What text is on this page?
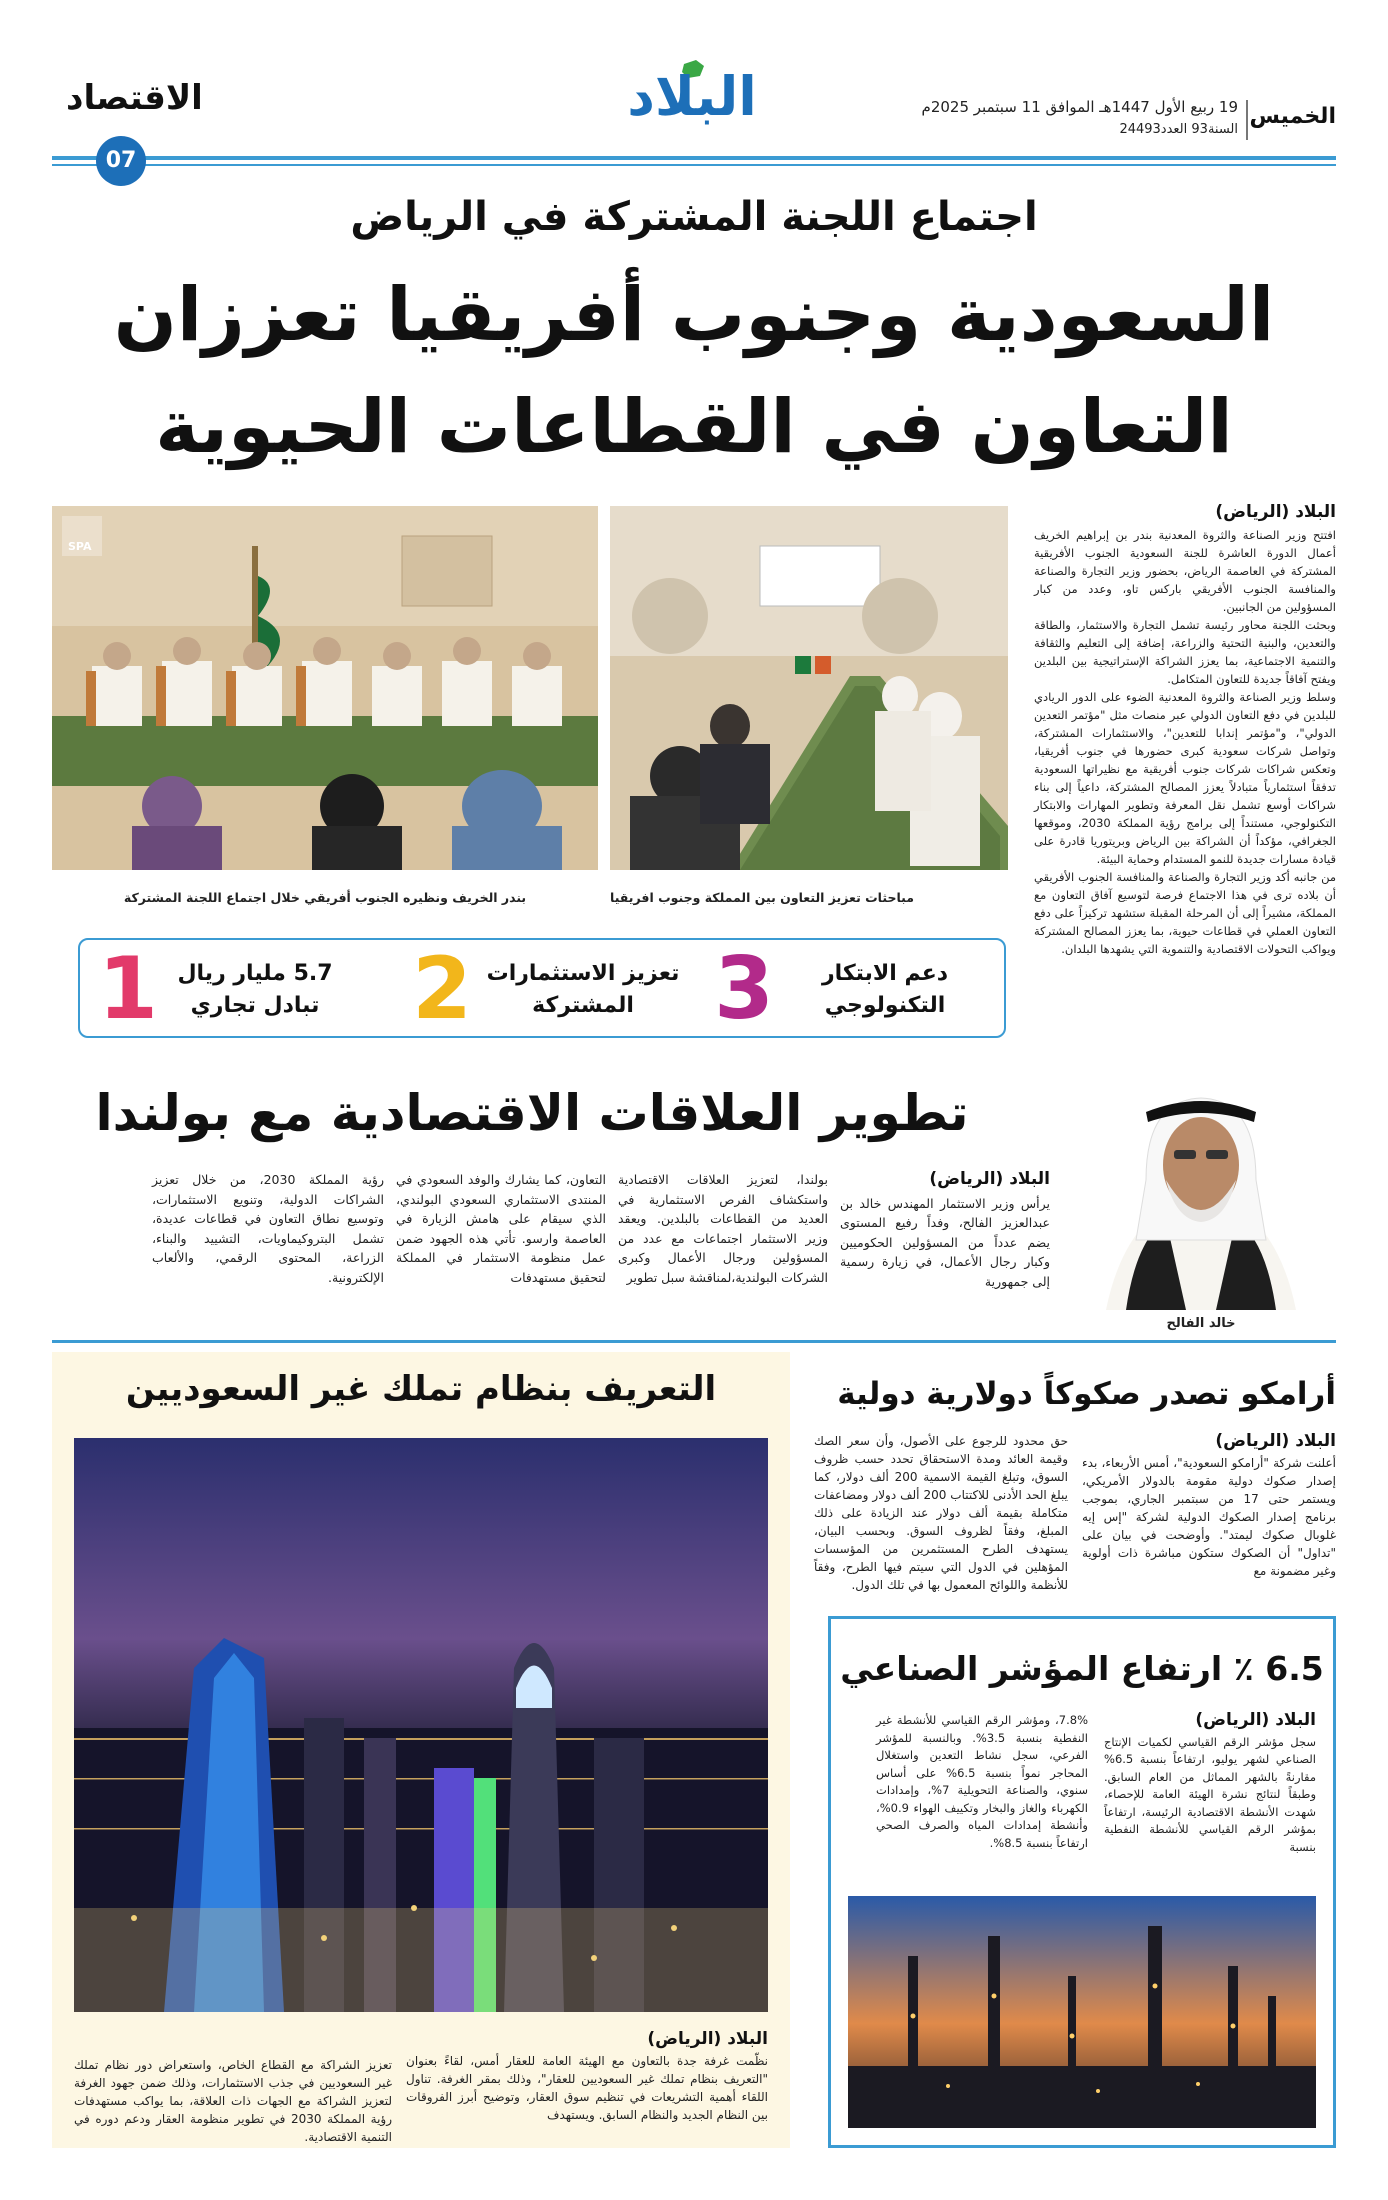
الخميس
19 ربيع الأول 1447هـ الموافق 11 سبتمبر 2025م
السنة93 العدد24493
البلاد
الاقتصاد
07
اجتماع اللجنة المشتركة في الرياض
السعودية وجنوب أفريقيا تعززان
التعاون في القطاعات الحيوية
البلاد (الرياض)
افتتح وزير الصناعة والثروة المعدنية بندر بن إبراهيم الخريف أعمال الدورة العاشرة للجنة السعودية الجنوب الأفريقية المشتركة في العاصمة الرياض، بحضور وزير التجارة والصناعة والمنافسة الجنوب الأفريقي باركس تاو، وعدد من كبار المسؤولين من الجانبين.
وبحثت اللجنة محاور رئيسة تشمل التجارة والاستثمار، والطاقة والتعدين، والبنية التحتية والزراعة، إضافة إلى التعليم والثقافة والتنمية الاجتماعية، بما يعزز الشراكة الإستراتيجية بين البلدين ويفتح آفاقاً جديدة للتعاون المتكامل.
وسلط وزير الصناعة والثروة المعدنية الضوء على الدور الريادي للبلدين في دفع التعاون الدولي عبر منصات مثل "مؤتمر التعدين الدولي"، و"مؤتمر إندابا للتعدين"، والاستثمارات المشتركة، وتواصل شركات سعودية كبرى حضورها في جنوب أفريقيا، وتعكس شراكات شركات جنوب أفريقية مع نظيراتها السعودية تدفقاً استثمارياً متبادلاً يعزز المصالح المشتركة، داعياً إلى بناء شراكات أوسع تشمل نقل المعرفة وتطوير المهارات والابتكار التكنولوجي، مستنداً إلى برامج رؤية المملكة 2030، وموقعها الجغرافي، مؤكداً أن الشراكة بين الرياض وبريتوريا قادرة على قيادة مسارات جديدة للنمو المستدام وحماية البيئة.
من جانبه أكد وزير التجارة والصناعة والمنافسة الجنوب الأفريقي أن بلاده ترى في هذا الاجتماع فرصة لتوسيع آفاق التعاون مع المملكة، مشيراً إلى أن المرحلة المقبلة ستشهد تركيزاً على دفع التعاون العملي في قطاعات حيوية، بما يعزز المصالح المشتركة ويواكب التحولات الاقتصادية والتنموية التي يشهدها البلدان.
مباحثات تعزيز التعاون بين المملكة وجنوب افريقيا
SPA
بندر الخريف ونظيره الجنوب أفريقي خلال اجتماع اللجنة المشتركة
3	دعم الابتكار
التكنولوجي
2 تعزيز الاستثمارات
المشتركة
1 5.7 مليار ريال
تبادل تجاري
تطوير العلاقات الاقتصادية مع بولندا
خالد الفالح
البلاد (الرياض)
يرأس وزير الاستثمار المهندس خالد بن عبدالعزيز الفالح، وفداً رفيع المستوى يضم عدداً من المسؤولين الحكوميين وكبار رجال الأعمال، في زيارة رسمية إلى جمهورية
بولندا، لتعزيز العلاقات الاقتصادية واستكشاف الفرص الاستثمارية في العديد من القطاعات بالبلدين. ويعقد وزير الاستثمار اجتماعات مع عدد من المسؤولين ورجال الأعمال وكبرى الشركات البولندية،لمناقشة سبل تطوير
التعاون، كما يشارك والوفد السعودي في المنتدى الاستثماري السعودي البولندي، الذي سيقام على هامش الزيارة في العاصمة وارسو. تأتي هذه الجهود ضمن عمل منظومة الاستثمار في المملكة لتحقيق مستهدفات
رؤية المملكة 2030، من خلال تعزيز الشراكات الدولية، وتنويع الاستثمارات، وتوسيع نطاق التعاون في قطاعات عديدة، تشمل البتروكيماويات، التشييد والبناء، الزراعة، المحتوى الرقمي، والألعاب الإلكترونية.
التعريف بنظام تملك غير السعوديين
البلاد (الرياض)
نظّمت غرفة جدة بالتعاون مع الهيئة العامة للعقار أمس، لقاءً بعنوان "التعريف بنظام تملك غير السعوديين للعقار"، وذلك بمقر الغرفة. تناول اللقاء أهمية التشريعات في تنظيم سوق العقار، وتوضيح أبرز الفروقات بين النظام الجديد والنظام السابق. ويستهدف
تعزيز الشراكة مع القطاع الخاص، واستعراض دور نظام تملك غير السعوديين في جذب الاستثمارات، وذلك ضمن جهود الغرفة لتعزيز الشراكة مع الجهات ذات العلاقة، بما يواكب مستهدفات رؤية المملكة 2030 في تطوير منظومة العقار ودعم دوره في التنمية الاقتصادية.
أرامكو تصدر صكوكاً دولارية دولية
البلاد (الرياض)
أعلنت شركة "أرامكو السعودية"، أمس الأربعاء، بدء إصدار صكوك دولية مقومة بالدولار الأمريكي، ويستمر حتى 17 من سبتمبر الجاري، بموجب برنامج إصدار الصكوك الدولية لشركة "إس إيه غلوبال صكوك ليمتد". وأوضحت في بيان على "تداول" أن الصكوك ستكون مباشرة ذات أولوية وغير مضمونة مع
حق محدود للرجوع على الأصول، وأن سعر الصك وقيمة العائد ومدة الاستحقاق تحدد حسب ظروف السوق، وتبلغ القيمة الاسمية 200 ألف دولار، كما يبلغ الحد الأدنى للاكتتاب 200 ألف دولار ومضاعفات متكاملة بقيمة ألف دولار عند الزيادة على ذلك المبلغ، وفقاً لظروف السوق. وبحسب البيان، يستهدف الطرح المستثمرين من المؤسسات المؤهلين في الدول التي سيتم فيها الطرح، وفقاً للأنظمة واللوائح المعمول بها في تلك الدول.
6.5 ٪ ارتفاع المؤشر الصناعي
البلاد (الرياض)
سجل مؤشر الرقم القياسي لكميات الإنتاج الصناعي لشهر يوليو، ارتفاعاً بنسبة 6.5% مقارنةً بالشهر المماثل من العام السابق. وطبقاً لنتائج نشرة الهيئة العامة للإحصاء، شهدت الأنشطة الاقتصادية الرئيسة، ارتفاعاً بمؤشر الرقم القياسي للأنشطة النفطية بنسبة
7.8%، ومؤشر الرقم القياسي للأنشطة غير النفطية بنسبة 3.5%. وبالنسبة للمؤشر الفرعي، سجل نشاط التعدين واستغلال المحاجر نمواً بنسبة 6.5% على أساس سنوي، والصناعة التحويلية 7%، وإمدادات الكهرباء والغاز والبخار وتكييف الهواء 0.9%، وأنشطة إمدادات المياه والصرف الصحي ارتفاعاً بنسبة 8.5%.
